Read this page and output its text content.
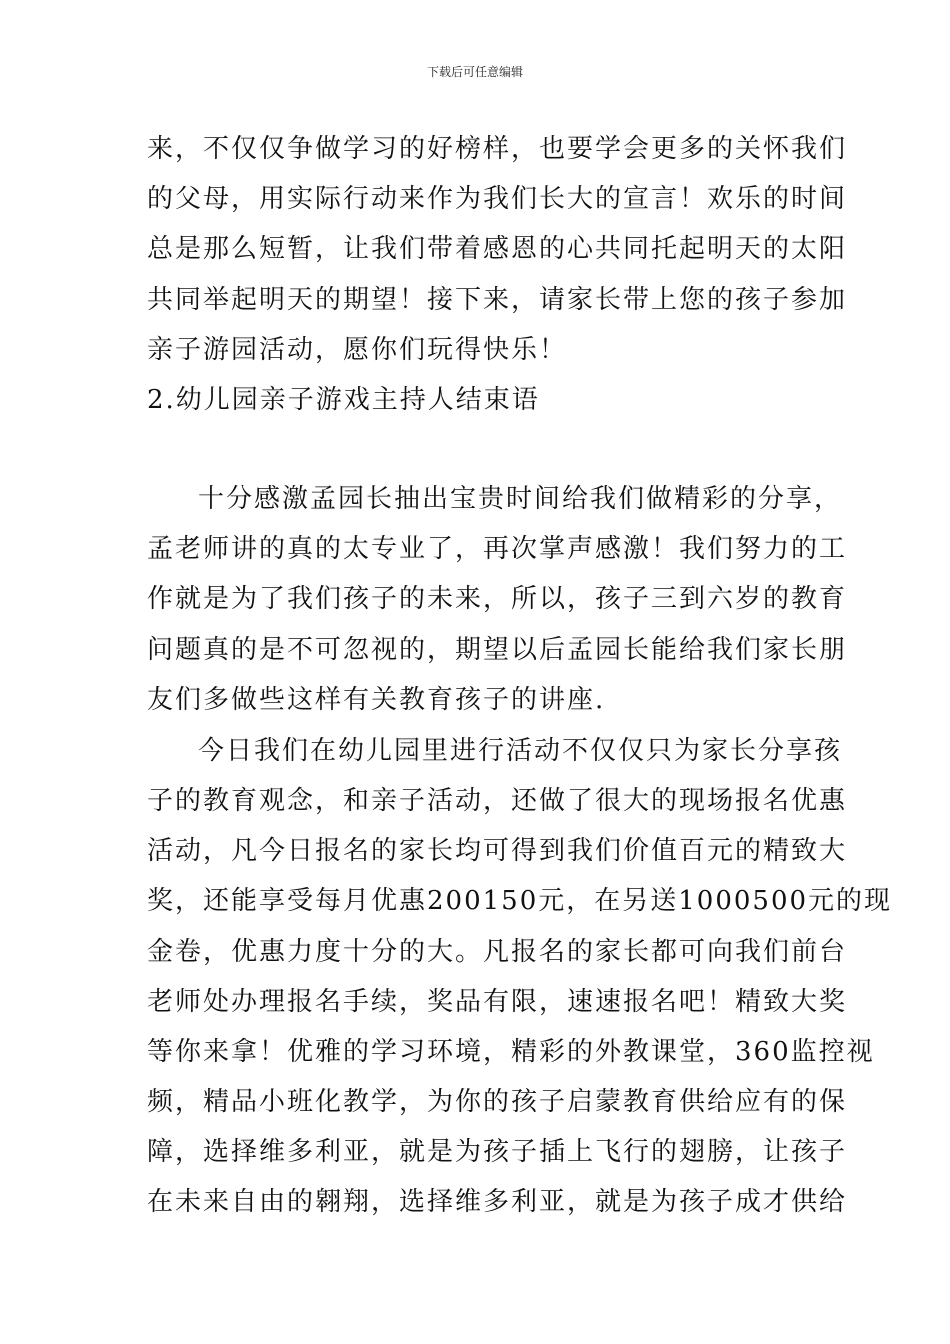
下载后可任意编辑
来，不仅仅争做学习的好榜样，也要学会更多的关怀我们
的父母，用实际行动来作为我们长大的宣言！欢乐的时间
总是那么短暂，让我们带着感恩的心共同托起明天的太阳
共同举起明天的期望！接下来，请家长带上您的孩子参加
亲子游园活动，愿你们玩得快乐！
2.幼儿园亲子游戏主持人结束语
十分感激孟园长抽出宝贵时间给我们做精彩的分享，
孟老师讲的真的太专业了，再次掌声感激！我们努力的工
作就是为了我们孩子的未来，所以，孩子三到六岁的教育
问题真的是不可忽视的，期望以后孟园长能给我们家长朋
友们多做些这样有关教育孩子的讲座.
今日我们在幼儿园里进行活动不仅仅只为家长分享孩
子的教育观念，和亲子活动，还做了很大的现场报名优惠
活动，凡今日报名的家长均可得到我们价值百元的精致大
奖，还能享受每月优惠200150元，在另送1000500元的现
金卷，优惠力度十分的大。凡报名的家长都可向我们前台
老师处办理报名手续，奖品有限，速速报名吧！精致大奖
等你来拿！优雅的学习环境，精彩的外教课堂，360监控视
频，精品小班化教学，为你的孩子启蒙教育供给应有的保
障，选择维多利亚，就是为孩子插上飞行的翅膀，让孩子
在未来自由的翱翔，选择维多利亚，就是为孩子成才供给
